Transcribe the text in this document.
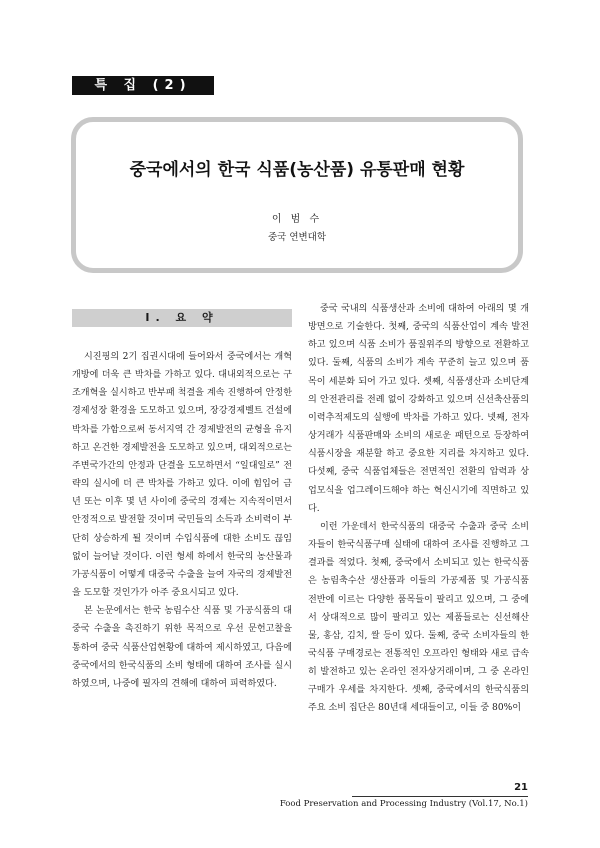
특 집 (2)
중국에서의 한국 식품(농산품) 유통판매 현황
이 범 수
중국 연변대학
I. 요 약

시진핑의 2기 집권시대에 들어와서 중국에서는 개혁개방에 더욱 큰 박차를 가하고 있다. 대내외적으로는 구조개혁을 실시하고 반부패 척결을 계속 진행하여 안정한 경제성장 환경을 도모하고 있으며, 장강경제벨트 건설에 박차를 가함으로써 동서지역 간 경제발전의 균형을 유지하고 온건한 경제발전을 도모하고 있으며, 대외적으로는 주변국가간의 안정과 단결을 도모하면서 “일대일로” 전략의 실시에 더 큰 박차를 가하고 있다. 이에 힘입어 금년 또는 이후 몇 년 사이에 중국의 경제는 지속적이면서 안정적으로 발전할 것이며 국민들의 소득과 소비력이 부단히 상승하게 될 것이며 수입식품에 대한 소비도 끊임없이 늘어날 것이다. 이런 형세 하에서 한국의 농산물과 가공식품이 어떻게 대중국 수출을 늘여 자국의 경제발전을 도모할 것인가가 아주 중요시되고 있다.

본 논문에서는 한국 농림수산 식품 및 가공식품의 대중국 수출을 촉진하기 위한 목적으로 우선 문헌고찰을 통하여 중국 식품산업현황에 대하여 제시하였고, 다음에 중국에서의 한국식품의 소비 형태에 대하여 조사를 실시하였으며, 나중에 필자의 견해에 대하여 피력하였다.

중국 국내의 식품생산과 소비에 대하여 아래의 몇 개 방면으로 기술한다. 첫째, 중국의 식품산업이 계속 발전하고 있으며 식품 소비가 품질위주의 방향으로 전환하고 있다. 둘째, 식품의 소비가 계속 꾸준히 늘고 있으며 품목이 세분화 되어 가고 있다. 셋째, 식품생산과 소비단계의 안전관리를 전례 없이 강화하고 있으며 신선축산품의 이력추적제도의 실행에 박차를 가하고 있다. 넷째, 전자상거래가 식품판매와 소비의 새로운 패턴으로 등장하여 식품시장을 재분할 하고 중요한 지리를 차지하고 있다. 다섯째, 중국 식품업체들은 전면적인 전환의 압력과 상업모식을 업그레이드해야 하는 혁신시기에 직면하고 있다.

이런 가운데서 한국식품의 대중국 수출과 중국 소비자들이 한국식품구매 실태에 대하여 조사를 진행하고 그 결과를 적었다. 첫째, 중국에서 소비되고 있는 한국식품은 농림축수산 생산품과 이들의 가공제품 및 가공식품 전반에 이르는 다양한 품목들이 팔리고 있으며, 그 중에서 상대적으로 많이 팔리고 있는 제품들로는 신선해산물, 홍삼, 김치, 쌀 등이 있다. 둘째, 중국 소비자들의 한국식품 구매경로는 전통적인 오프라인 형태와 새로 급속히 발전하고 있는 온라인 전자상거래이며, 그 중 온라인 구매가 우세를 차지한다. 셋째, 중국에서의 한국식품의 주요 소비 집단은 80년대 세대들이고, 이들 중 80%이

21
Food Preservation and Processing Industry (Vol.17, No.1)
